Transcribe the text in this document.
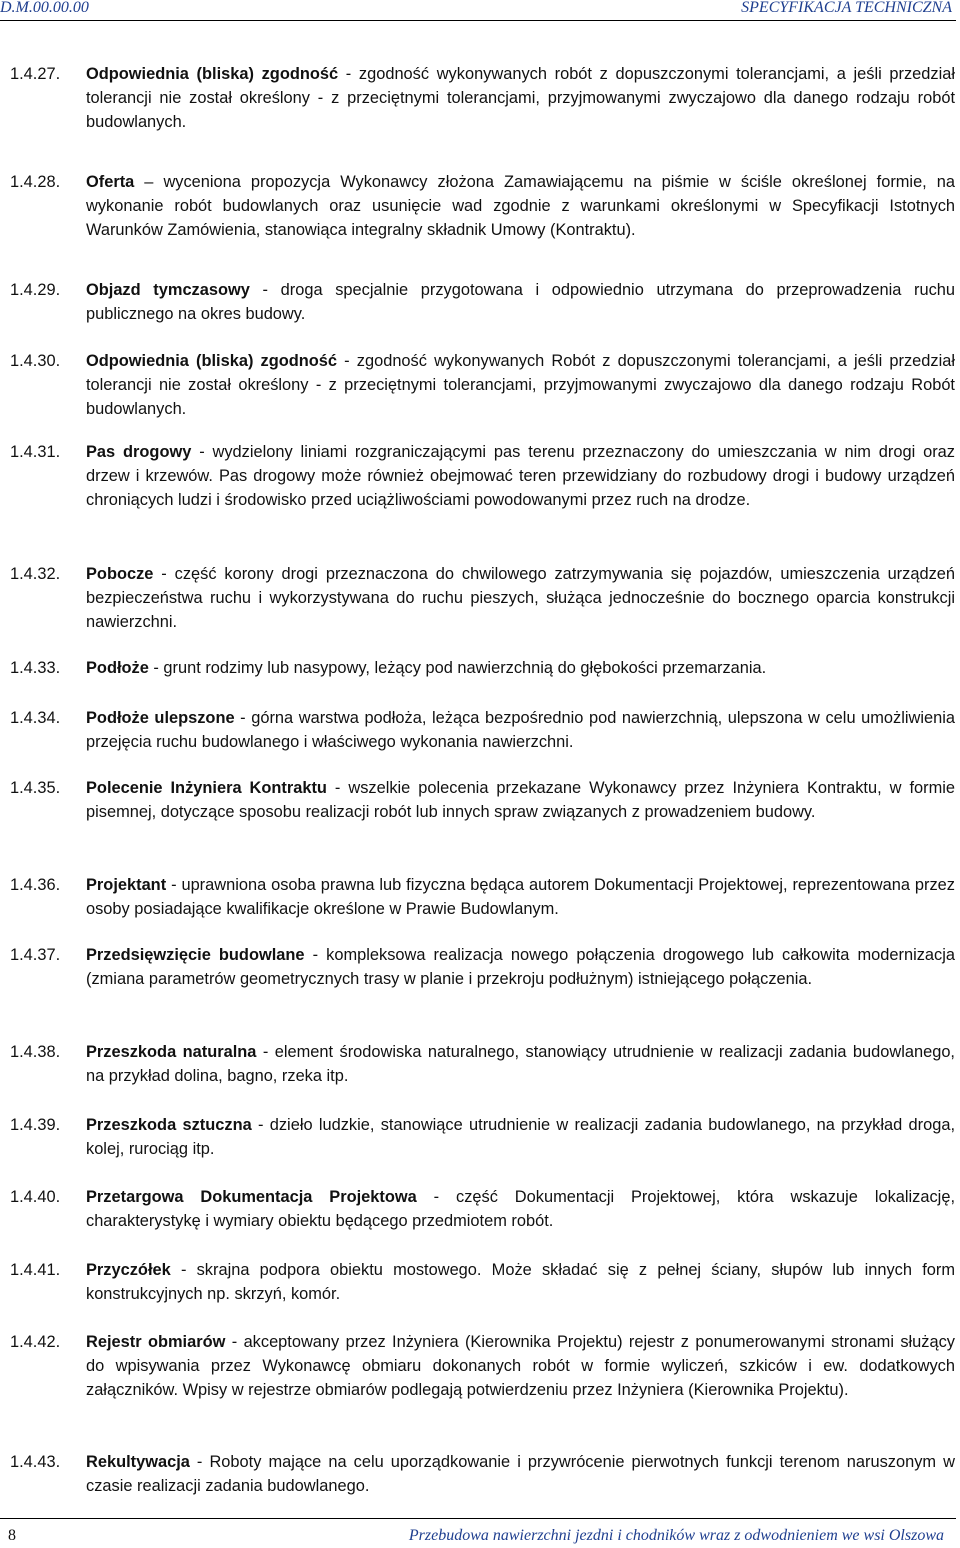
D.M.00.00.00	SPECYFIKACJA TECHNICZNA
1.4.27. Odpowiednia (bliska) zgodność - zgodność wykonywanych robót z dopuszczonymi tolerancjami, a jeśli przedział tolerancji nie został określony - z przeciętnymi tolerancjami, przyjmowanymi zwyczajowo dla danego rodzaju robót budowlanych.
1.4.28. Oferta – wyceniona propozycja Wykonawcy złożona Zamawiającemu na piśmie w ściśle określonej formie, na wykonanie robót budowlanych oraz usunięcie wad zgodnie z warunkami określonymi w Specyfikacji Istotnych Warunków Zamówienia, stanowiąca integralny składnik Umowy (Kontraktu).
1.4.29. Objazd tymczasowy - droga specjalnie przygotowana i odpowiednio utrzymana do przeprowadzenia ruchu publicznego na okres budowy.
1.4.30. Odpowiednia (bliska) zgodność - zgodność wykonywanych Robót z dopuszczonymi tolerancjami, a jeśli przedział tolerancji nie został określony - z przeciętnymi tolerancjami, przyjmowanymi zwyczajowo dla danego rodzaju Robót budowlanych.
1.4.31. Pas drogowy - wydzielony liniami rozgraniczającymi pas terenu przeznaczony do umieszczania w nim drogi oraz drzew i krzewów. Pas drogowy może również obejmować teren przewidziany do rozbudowy drogi i budowy urządzeń chroniących ludzi i środowisko przed uciążliwościami powodowanymi przez ruch na drodze.
1.4.32. Pobocze - część korony drogi przeznaczona do chwilowego zatrzymywania się pojazdów, umieszczenia urządzeń bezpieczeństwa ruchu i wykorzystywana do ruchu pieszych, służąca jednocześnie do bocznego oparcia konstrukcji nawierzchni.
1.4.33. Podłoże - grunt rodzimy lub nasypowy, leżący pod nawierzchnią do głębokości przemarzania.
1.4.34. Podłoże ulepszone - górna warstwa podłoża, leżąca bezpośrednio pod nawierzchnią, ulepszona w celu umożliwienia przejęcia ruchu budowlanego i właściwego wykonania nawierzchni.
1.4.35. Polecenie Inżyniera Kontraktu - wszelkie polecenia przekazane Wykonawcy przez Inżyniera Kontraktu, w formie pisemnej, dotyczące sposobu realizacji robót lub innych spraw związanych z prowadzeniem budowy.
1.4.36. Projektant - uprawniona osoba prawna lub fizyczna będąca autorem Dokumentacji Projektowej, reprezentowana przez osoby posiadające kwalifikacje określone w Prawie Budowlanym.
1.4.37. Przedsięwzięcie budowlane - kompleksowa realizacja nowego połączenia drogowego lub całkowita modernizacja (zmiana parametrów geometrycznych trasy w planie i przekroju podłużnym) istniejącego połączenia.
1.4.38. Przeszkoda naturalna - element środowiska naturalnego, stanowiący utrudnienie w realizacji zadania budowlanego, na przykład dolina, bagno, rzeka itp.
1.4.39. Przeszkoda sztuczna - dzieło ludzkie, stanowiące utrudnienie w realizacji zadania budowlanego, na przykład droga, kolej, rurociąg itp.
1.4.40. Przetargowa Dokumentacja Projektowa - część Dokumentacji Projektowej, która wskazuje lokalizację, charakterystykę i wymiary obiektu będącego przedmiotem robót.
1.4.41. Przyczółek - skrajna podpora obiektu mostowego. Może składać się z pełnej ściany, słupów lub innych form konstrukcyjnych np. skrzyń, komór.
1.4.42. Rejestr obmiarów - akceptowany przez Inżyniera (Kierownika Projektu) rejestr z ponumerowanymi stronami służący do wpisywania przez Wykonawcę obmiaru dokonanych robót w formie wyliczeń, szkiców i ew. dodatkowych załączników. Wpisy w rejestrze obmiarów podlegają potwierdzeniu przez Inżyniera (Kierownika Projektu).
1.4.43. Rekultywacja - Roboty mające na celu uporządkowanie i przywrócenie pierwotnych funkcji terenom naruszonym w czasie realizacji zadania budowlanego.
8	Przebudowa nawierzchni jezdni i chodników wraz z odwodnieniem we wsi Olszowa
